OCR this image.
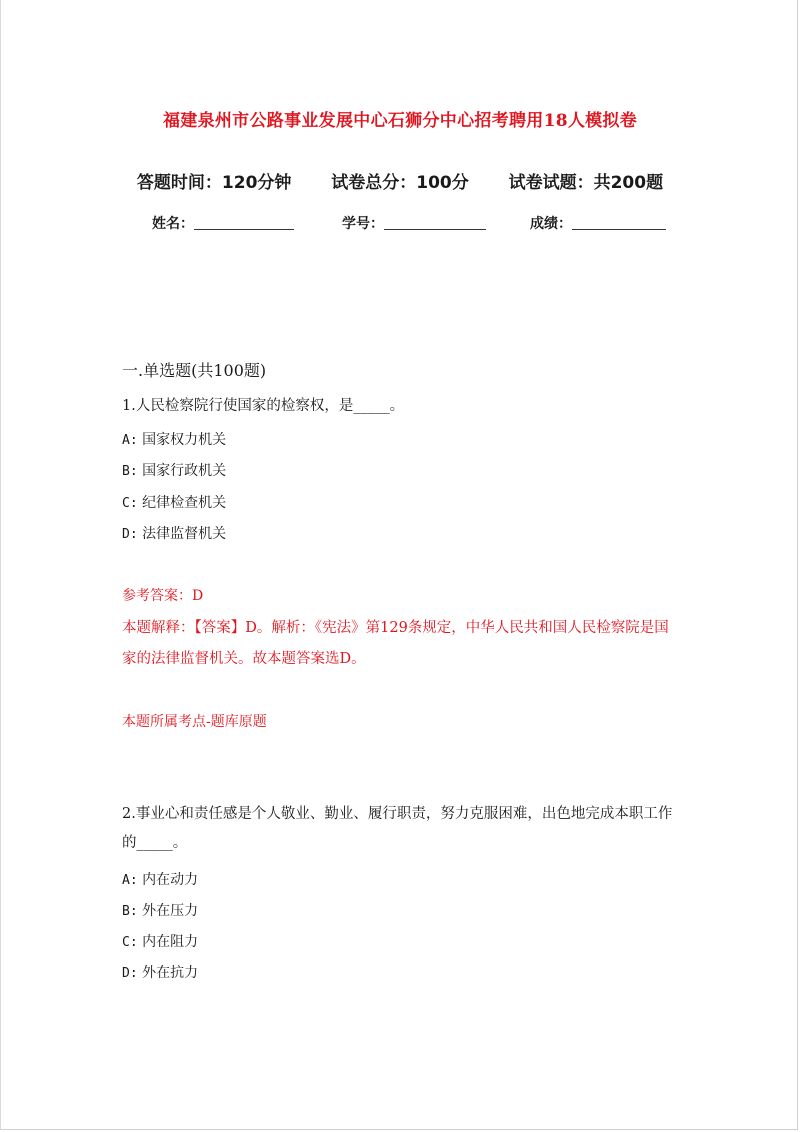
福建泉州市公路事业发展中心石狮分中心招考聘用18人模拟卷
答题时间：120分钟 试卷总分：100分 试卷试题：共200题
姓名：	学号：	成绩：
一.单选题(共100题)
1.人民检察院行使国家的检察权，是_____。
A: 国家权力机关
B: 国家行政机关
C: 纪律检查机关
D: 法律监督机关
参考答案：D
本题解释：【答案】D。解析：《宪法》第129条规定，中华人民共和国人民检察院是国家的法律监督机关。故本题答案选D。
本题所属考点-题库原题
2.事业心和责任感是个人敬业、勤业、履行职责，努力克服困难，出色地完成本职工作的_____。
A: 内在动力
B: 外在压力
C: 内在阻力
D: 外在抗力
